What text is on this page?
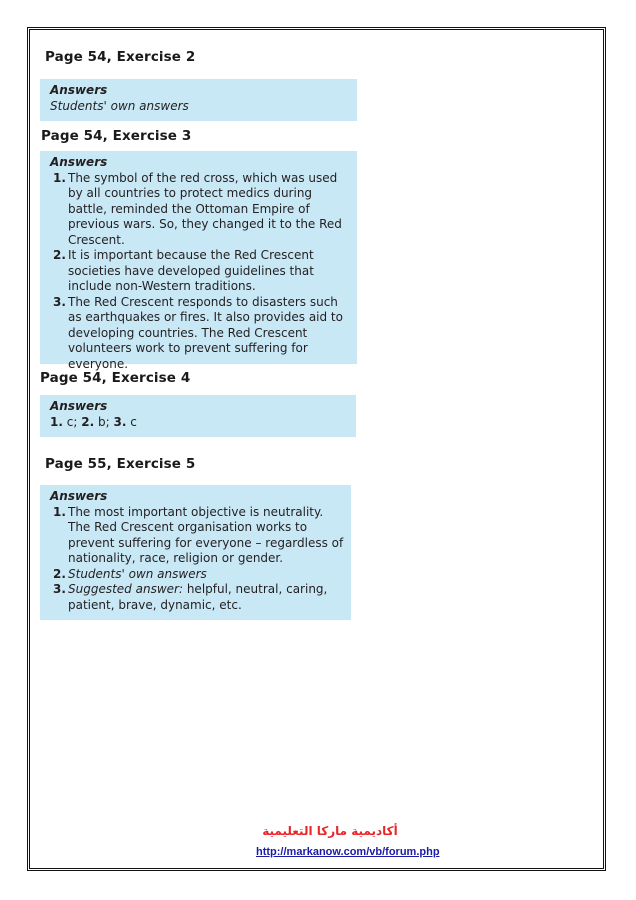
Page 54, Exercise 2
Answers
Students' own answers
Page 54, Exercise 3
Answers
1. The symbol of the red cross, which was used by all countries to protect medics during battle, reminded the Ottoman Empire of previous wars. So, they changed it to the Red Crescent.
2. It is important because the Red Crescent societies have developed guidelines that include non-Western traditions.
3. The Red Crescent responds to disasters such as earthquakes or fires. It also provides aid to developing countries. The Red Crescent volunteers work to prevent suffering for everyone.
Page 54, Exercise 4
Answers
1. c; 2. b; 3. c
Page 55, Exercise 5
Answers
1. The most important objective is neutrality. The Red Crescent organisation works to prevent suffering for everyone – regardless of nationality, race, religion or gender.
2. Students' own answers
3. Suggested answer: helpful, neutral, caring, patient, brave, dynamic, etc.
أكاديمية ماركا التعليمية
http://markanow.com/vb/forum.php
